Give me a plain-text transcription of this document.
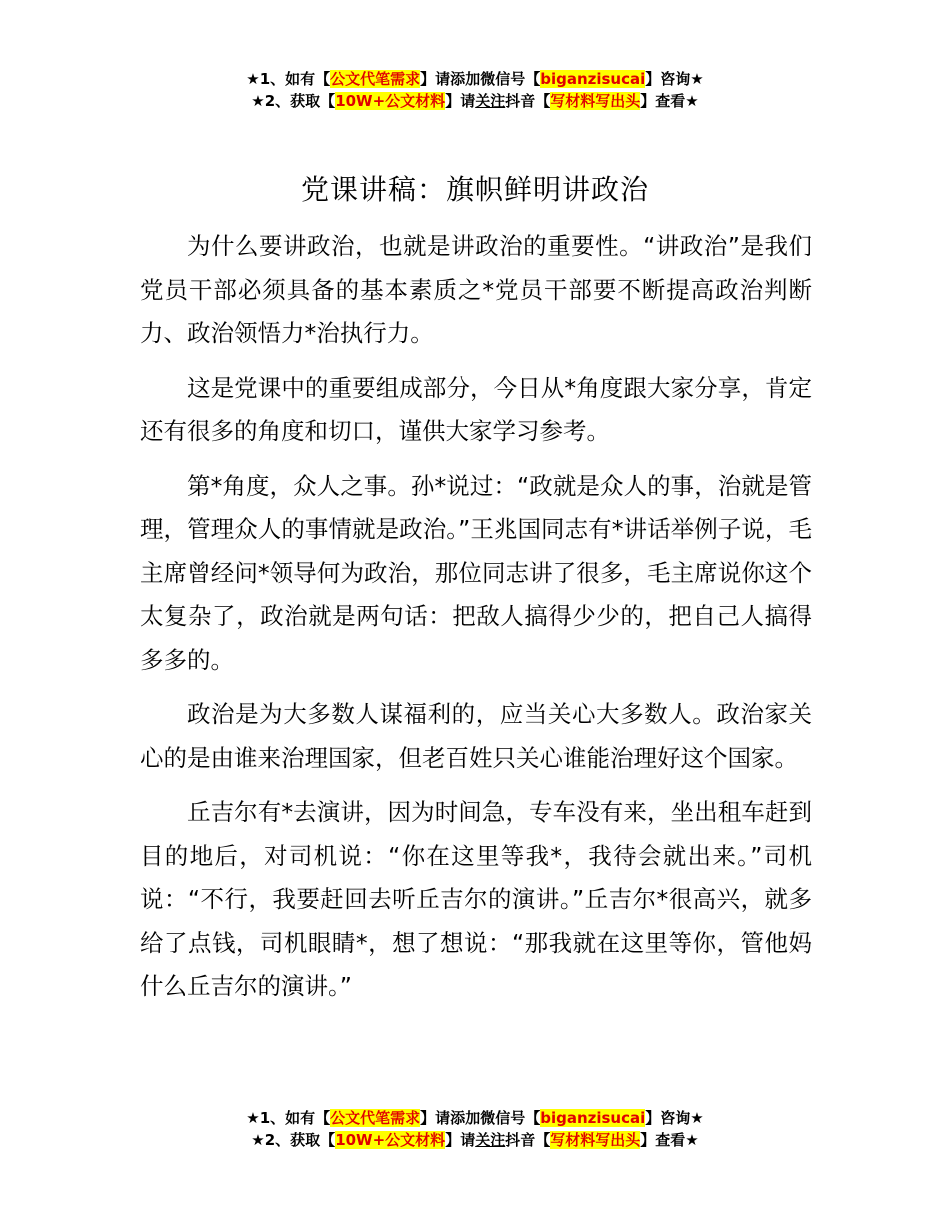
★1、如有【公文代笔需求】请添加微信号【biganzisucai】咨询★
★2、获取【10W+公文材料】请关注抖音【写材料写出头】查看★
党课讲稿：旗帜鲜明讲政治

为什么要讲政治，也就是讲政治的重要性。“讲政治”是我们党员干部必须具备的基本素质之*党员干部要不断提高政治判断力、政治领悟力*治执行力。

这是党课中的重要组成部分，今日从*角度跟大家分享，肯定还有很多的角度和切口，谨供大家学习参考。

第*角度，众人之事。孙*说过：“政就是众人的事，治就是管理，管理众人的事情就是政治。”王兆国同志有*讲话举例子说，毛主席曾经问*领导何为政治，那位同志讲了很多，毛主席说你这个太复杂了，政治就是两句话：把敌人搞得少少的，把自己人搞得多多的。

政治是为大多数人谋福利的，应当关心大多数人。政治家关心的是由谁来治理国家，但老百姓只关心谁能治理好这个国家。

丘吉尔有*去演讲，因为时间急，专车没有来，坐出租车赶到目的地后，对司机说：“你在这里等我*，我待会就出来。”司机说：“不行，我要赶回去听丘吉尔的演讲。”丘吉尔*很高兴，就多给了点钱，司机眼睛*，想了想说：“那我就在这里等你，管他妈什么丘吉尔的演讲。”

★1、如有【公文代笔需求】请添加微信号【biganzisucai】咨询★
★2、获取【10W+公文材料】请关注抖音【写材料写出头】查看★
